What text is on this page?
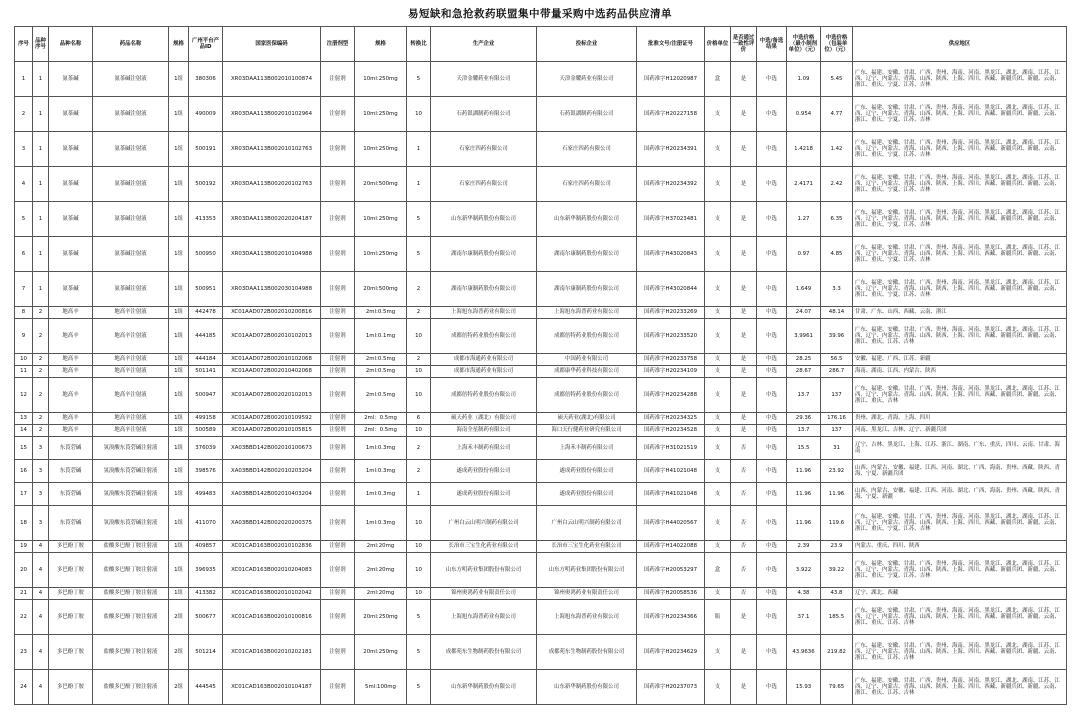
易短缺和急抢救药联盟集中带量采购中选药品供应清单
序号	品种序号	品种名称	药品名称	规格	广州平台产品ID	国家医保编码	注册剂型	规格	转换比	生产企业	投标企业	批准文号/注册证号	价格单位	是否通过一致性评价	中选/备选结果	中选价格（最小制剂单位）（元）	中选价格（包装单位）（元）	供应地区
1	1	氨茶碱	氨茶碱注射液	1组	380306	XR03DAA113B002010100874	注射剂	10ml:250mg	5	天津金耀药业有限公司	天津金耀药业有限公司	国药准字H12020987	盒	是	中选	1.09	5.45	广东、福建、安徽、甘肃、广西、贵州、海南、河南、黑龙江、湖北、湖南、江苏、江西、辽宁、内蒙古、青海、山西、陕西、上海、四川、西藏、新疆兵团、新疆、云南、浙江、重庆、宁夏、江苏、吉林
2	1	氨茶碱	氨茶碱注射液	1组	490009	XR03DAA113B002010102964	注射剂	10ml:250mg	10	石药银湖制药有限公司	石药银湖制药有限公司	国药准字H20227158	支	是	中选	0.954	4.77	广东、福建、安徽、甘肃、广西、贵州、海南、河南、黑龙江、湖北、湖南、江苏、江西、辽宁、内蒙古、青海、山西、陕西、上海、四川、西藏、新疆兵团、新疆、云南、浙江、重庆、宁夏、江苏、吉林
3	1	氨茶碱	氨茶碱注射液	1组	500191	XR03DAA113B002010102763	注射剂	10ml:250mg	1	石家庄四药有限公司	石家庄四药有限公司	国药准字H20234391	支	是	中选	1.4218	1.42	广东、福建、安徽、甘肃、广西、贵州、海南、河南、黑龙江、湖北、湖南、江苏、江西、辽宁、内蒙古、青海、山西、陕西、上海、四川、西藏、新疆兵团、新疆、云南、浙江、重庆、宁夏、江苏、吉林
4	1	氨茶碱	氨茶碱注射液	1组	500192	XR03DAA113B002020102763	注射剂	20ml:500mg	1	石家庄四药有限公司	石家庄四药有限公司	国药准字H20234392	支	是	中选	2.4171	2.42	广东、福建、安徽、甘肃、广西、贵州、海南、河南、黑龙江、湖北、湖南、江苏、江西、辽宁、内蒙古、青海、山西、陕西、上海、四川、西藏、新疆兵团、新疆、云南、浙江、重庆、宁夏、江苏、吉林
5	1	氨茶碱	氨茶碱注射液	1组	413353	XR03DAA113B002020204187	注射剂	10ml:250mg	5	山东新华制药股份有限公司	山东新华制药股份有限公司	国药准字H37023481	支	是	中选	1.27	6.35	广东、福建、安徽、甘肃、广西、贵州、海南、河南、黑龙江、湖北、湖南、江苏、江西、辽宁、内蒙古、青海、山西、陕西、上海、四川、西藏、新疆兵团、新疆、云南、浙江、重庆、宁夏、江苏、吉林
6	1	氨茶碱	氨茶碱注射液	1组	500950	XR03DAA113B002010104988	注射剂	10ml:250mg	5	湖南尔康制药股份有限公司	湖南尔康制药股份有限公司	国药准字H43020843	支	是	中选	0.97	4.85	广东、福建、安徽、甘肃、广西、贵州、海南、河南、黑龙江、湖北、湖南、江苏、江西、辽宁、内蒙古、青海、山西、陕西、上海、四川、西藏、新疆兵团、新疆、云南、浙江、重庆、宁夏、江苏、吉林
7	1	氨茶碱	氨茶碱注射液	1组	500951	XR03DAA113B002030104988	注射剂	20ml:500mg	2	湖南尔康制药股份有限公司	湖南尔康制药股份有限公司	国药准字H43020844	支	是	中选	1.649	3.3	广东、福建、安徽、甘肃、广西、贵州、海南、河南、黑龙江、湖北、湖南、江苏、江西、辽宁、内蒙古、青海、山西、陕西、上海、四川、西藏、新疆兵团、新疆、云南、浙江、重庆、宁夏、江苏、吉林
8	2	地高辛	地高辛注射液	1组	442478	XC01AAD072B002010200816	注射剂	2ml:0.5mg	2	上海旭东海普药业有限公司	上海旭东海普药业有限公司	国药准字H20233269	支	是	中选	24.07	48.14	甘肃、广东、山西、西藏、云南、浙江
9	2	地高辛	地高辛注射液	1组	444185	XC01AAD072B002010102013	注射剂	1ml:0.1mg	10	成都倍特药业股份有限公司	成都倍特药业股份有限公司	国药准字H20233520	支	是	中选	3.9961	39.96	广东、福建、安徽、甘肃、广西、贵州、海南、河南、黑龙江、湖北、湖南、江苏、江西、辽宁、内蒙古、青海、山西、陕西、上海、四川、西藏、新疆兵团、新疆、云南、浙江、重庆、江苏、吉林
10	2	地高辛	地高辛注射液	1组	444184	XC01AAD072B002010102068	注射剂	2ml:0.5mg	2	成都市海通药业有限公司	中国药业有限公司	国药准字H20233758	支	是	中选	28.25	56.5	安徽、福建、广西、江苏、新疆
11	2	地高辛	地高辛注射液	1组	501141	XC01AAD072B002010402068	注射剂	2ml:0.5mg	10	成都市海通药业有限公司	成都康华药业科技有限公司	国药准字H20234109	支	是	中选	28.67	286.7	海南、湖南、江西、内蒙古、陕西
12	2	地高辛	地高辛注射液	1组	500947	XC01AAD072B002020102013	注射剂	2ml:0.5mg	10	成都倍特药业股份有限公司	成都倍特药业股份有限公司	国药准字H20234288	支	是	中选	13.7	137	广东、福建、安徽、甘肃、广西、贵州、海南、河南、黑龙江、湖北、湖南、江苏、江西、辽宁、内蒙古、青海、山西、陕西、上海、四川、西藏、新疆兵团、新疆、云南、浙江、重庆、吉林
13	2	地高辛	地高辛注射液	1组	499158	XC01AAD072B002010109592	注射剂	2ml：0.5mg	6	硕天药业（湖北）有限公司	硕天药业(湖北)有限公司	国药准字H20234325	支	是	中选	29.36	176.16	贵州、湖北、青海、上海、四川
14	2	地高辛	地高辛注射液	1组	500589	XC01AAD072B002010105815	注射剂	2ml：0.5mg	10	海南全星制药有限公司	海口天行健药业研究有限公司	国药准字H20234528	支	是	中选	13.7	137	河南、黑龙江、吉林、辽宁、新疆兵团
15	3	东莨菪碱	氢溴酸东莨菪碱注射液	1组	376039	XA03BBD142B002010100673	注射剂	1ml:0.3mg	2	上海禾丰制药有限公司	上海禾丰制药有限公司	国药准字H31021519	支	否	中选	15.5	31	辽宁、吉林、黑龙江、上海、江苏、浙江、湖南、广东、重庆、四川、云南、甘肃、海南
16	3	东莨菪碱	氢溴酸东莨菪碱注射液	1组	398576	XA03BBD142B002010203204	注射剂	1ml:0.3mg	2	遂成药业股份有限公司	遂成药业股份有限公司	国药准字H41021048	支	否	中选	11.96	23.92	山西、内蒙古、安徽、福建、江西、河南、湖北、广西、海南、贵州、西藏、陕西、青海、宁夏、新疆兵团
17	3	东莨菪碱	氢溴酸东莨菪碱注射液	1组	499483	XA03BBD142B002010403204	注射剂	1ml:0.3mg	1	遂成药业股份有限公司	遂成药业股份有限公司	国药准字H41021048	支	否	中选	11.96	11.96	山西、内蒙古、安徽、福建、江西、河南、湖北、广西、海南、贵州、西藏、陕西、青海、宁夏、新疆
18	3	东莨菪碱	氢溴酸东莨菪碱注射液	1组	411070	XA03BBD142B002020200375	注射剂	1ml:0.3mg	10	广州白云山明兴制药有限公司	广州白云山明兴制药有限公司	国药准字H44020567	支	否	中选	11.96	119.6	广东、福建、安徽、甘肃、广西、贵州、海南、河南、黑龙江、湖北、湖南、江苏、江西、辽宁、内蒙古、青海、山西、陕西、上海、四川、西藏、新疆兵团、新疆、云南、浙江、重庆、宁夏、江苏、吉林
19	4	多巴酚丁胺	盐酸多巴酚丁胺注射液	1组	409857	XC01CAD163B002010102836	注射剂	2ml:20mg	10	长治市三宝生化药业有限公司	长治市三宝生化药业有限公司	国药准字H14022088	支	否	中选	2.39	23.9	内蒙古、重庆、四川、陕西
20	4	多巴酚丁胺	盐酸多巴酚丁胺注射液	1组	396935	XC01CAD163B002010204083	注射剂	2ml:20mg	10	山东方明药业集团股份有限公司	山东方明药业集团股份有限公司	国药准字H20053297	盒	否	中选	3.922	39.22	广东、福建、安徽、甘肃、广西、贵州、海南、河南、黑龙江、湖北、湖南、江苏、江西、辽宁、内蒙古、青海、山西、陕西、上海、四川、西藏、新疆兵团、新疆、云南、浙江、重庆、宁夏、江苏、吉林
21	4	多巴酚丁胺	盐酸多巴酚丁胺注射液	1组	413382	XC01CAD163B002010102042	注射剂	2ml:20mg	10	锦州奥鸿药业有限责任公司	锦州奥鸿药业有限责任公司	国药准字H20058536	支	否	中选	4.38	43.8	辽宁、湖北、西藏
22	4	多巴酚丁胺	盐酸多巴酚丁胺注射液	2组	500677	XC01CAD163B002010100816	注射剂	20ml:250mg	5	上海旭东海普药业有限公司	上海旭东海普药业有限公司	国药准字H20234366	瓶	是	中选	37.1	185.5	广东、福建、安徽、甘肃、广西、贵州、海南、河南、黑龙江、湖北、湖南、江苏、江西、辽宁、内蒙古、青海、山西、陕西、上海、四川、西藏、新疆兵团、新疆、云南、浙江、重庆、江苏、吉林
23	4	多巴酚丁胺	盐酸多巴酚丁胺注射液	2组	501214	XC01CAD163B002010202181	注射剂	20ml:250mg	5	成都苑东生物制药股份有限公司	成都苑东生物制药股份有限公司	国药准字H20234629	支	是	中选	43.9636	219.82	广东、福建、安徽、甘肃、广西、贵州、海南、河南、黑龙江、湖北、湖南、江苏、江西、辽宁、内蒙古、青海、山西、陕西、上海、四川、西藏、新疆兵团、新疆、云南、浙江、重庆、江苏、吉林
24	4	多巴酚丁胺	盐酸多巴酚丁胺注射液	2组	444545	XC01CAD163B002010104187	注射剂	5ml:100mg	5	山东新华制药股份有限公司	山东新华制药股份有限公司	国药准字H20237073	支	是	中选	15.93	79.65	广东、福建、安徽、甘肃、广西、贵州、海南、河南、黑龙江、湖北、湖南、江苏、江西、辽宁、内蒙古、青海、山西、陕西、上海、四川、西藏、新疆兵团、新疆、云南、浙江、重庆、江苏、吉林
